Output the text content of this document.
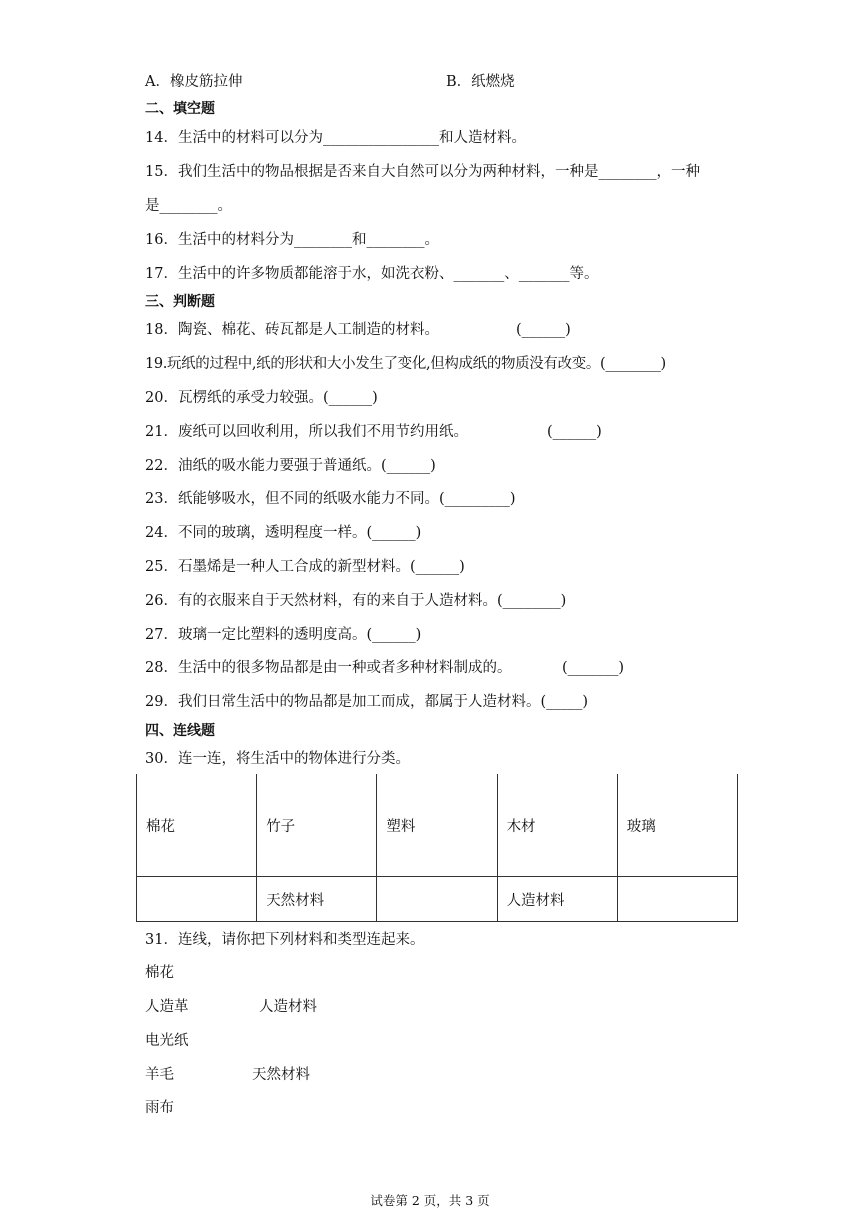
A．橡皮筋拉伸	B．纸燃烧
二、填空题
14．生活中的材料可以分为________________和人造材料。
15．我们生活中的物品根据是否来自大自然可以分为两种材料，一种是________，一种
是________。
16．生活中的材料分为________和________。
17．生活中的许多物质都能溶于水，如洗衣粉、_______、_______等。
三、判断题
18．陶瓷、棉花、砖瓦都是人工制造的材料。	(______)
19.玩纸的过程中,纸的形状和大小发生了变化,但构成纸的物质没有改变。(________)
20．瓦楞纸的承受力较强。(______)
21．废纸可以回收利用，所以我们不用节约用纸。	(______)
22．油纸的吸水能力要强于普通纸。(______)
23．纸能够吸水，但不同的纸吸水能力不同。(_________)
24．不同的玻璃，透明程度一样。(______)
25．石墨烯是一种人工合成的新型材料。(______)
26．有的衣服来自于天然材料，有的来自于人造材料。(________)
27．玻璃一定比塑料的透明度高。(______)
28．生活中的很多物品都是由一种或者多种材料制成的。	(_______)
29．我们日常生活中的物品都是加工而成，都属于人造材料。(_____)
四、连线题
30．连一连，将生活中的物体进行分类。
棉花	竹子	塑料	木材	玻璃
	天然材料		人造材料	
31．连线，请你把下列材料和类型连起来。
棉花
人造革	人造材料
电光纸
羊毛	天然材料
雨布
试卷第 2 页，共 3 页
